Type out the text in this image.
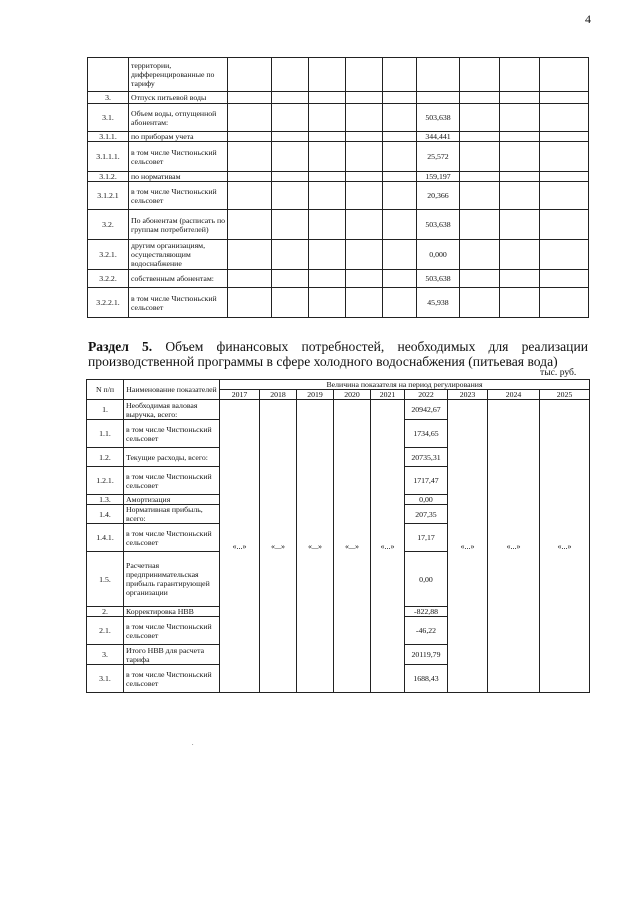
4
	территории, дифференцированные по тарифу									
3.	Отпуск питьевой воды									
3.1.	Объем воды, отпущенной абонентам:						503,638			
3.1.1.	по приборам учета						344,441			
3.1.1.1.	в том числе Чистюньский сельсовет						25,572			
3.1.2.	по нормативам						159,197			
3.1.2.1	в том числе Чистюньский сельсовет						20,366			
3.2.	По абонентам (расписать по группам потребителей)						503,638			
3.2.1.	другим организациям, осуществляющим водоснабжение						0,000			
3.2.2.	собственным абонентам:						503,638			
3.2.2.1.	в том числе Чистюньский сельсовет						45,938			
Раздел 5. Объем финансовых потребностей, необходимых для реализации производственной программы в сфере холодного водоснабжения (питьевая вода)
тыс. руб.
N п/п	Наименование показателей	Величина показателя на период регулирования								
		2017	2018	2019	2020	2021	2022	2023	2024	2025
1.	Необходимая валовая выручка, всего:	«...»	«...»	«...»	«...»	«...»	20942,67	«...»	«...»	«...»
1.1.	в том числе Чистюньский сельсовет						1734,65			
1.2.	Текущие расходы, всего:						20735,31			
1.2.1.	в том числе Чистюньский сельсовет						1717,47			
1.3.	Амортизация						0,00			
1.4.	Нормативная прибыль, всего:						207,35			
1.4.1.	в том числе Чистюньский сельсовет						17,17			
1.5.	Расчетная предпринимательская прибыль гарантирующей организации						0,00			
2.	Корректировка НВВ						-822,88			
2.1.	в том числе Чистюньский сельсовет						-46,22			
3.	Итого НВВ для расчета тарифа						20119,79			
3.1.	в том числе Чистюньский сельсовет						1688,43			
.
